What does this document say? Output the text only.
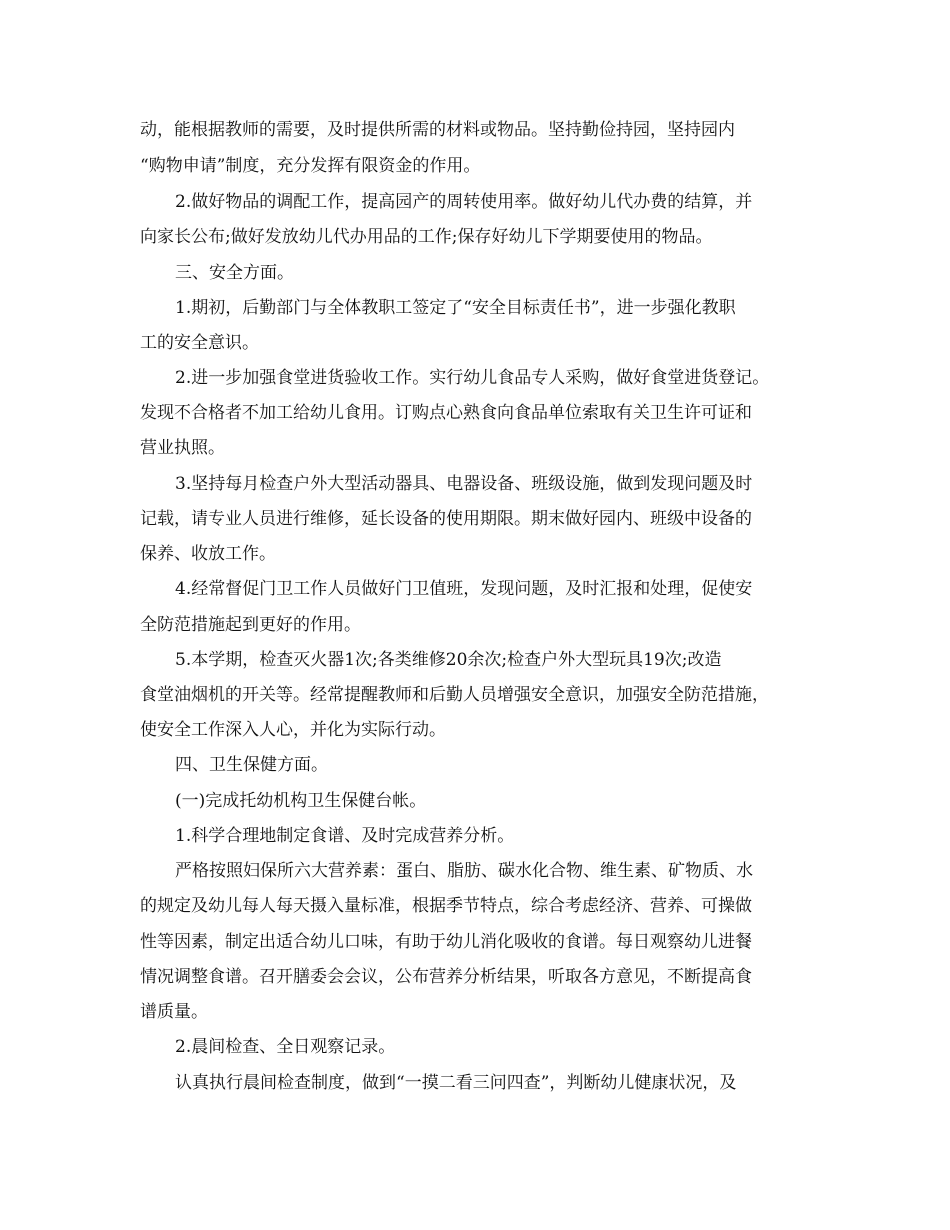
动，能根据教师的需要，及时提供所需的材料或物品。坚持勤俭持园，坚持园内
“购物申请”制度，充分发挥有限资金的作用。
2.做好物品的调配工作，提高园产的周转使用率。做好幼儿代办费的结算，并
向家长公布;做好发放幼儿代办用品的工作;保存好幼儿下学期要使用的物品。
三、安全方面。
1.期初，后勤部门与全体教职工签定了“安全目标责任书”，进一步强化教职
工的安全意识。
2.进一步加强食堂进货验收工作。实行幼儿食品专人采购，做好食堂进货登记。
发现不合格者不加工给幼儿食用。订购点心熟食向食品单位索取有关卫生许可证和
营业执照。
3.坚持每月检查户外大型活动器具、电器设备、班级设施，做到发现问题及时
记载，请专业人员进行维修，延长设备的使用期限。期末做好园内、班级中设备的
保养、收放工作。
4.经常督促门卫工作人员做好门卫值班，发现问题，及时汇报和处理，促使安
全防范措施起到更好的作用。
5.本学期，检查灭火器1次;各类维修20余次;检查户外大型玩具19次;改造
食堂油烟机的开关等。经常提醒教师和后勤人员增强安全意识，加强安全防范措施，
使安全工作深入人心，并化为实际行动。
四、卫生保健方面。
(一)完成托幼机构卫生保健台帐。
1.科学合理地制定食谱、及时完成营养分析。
严格按照妇保所六大营养素：蛋白、脂肪、碳水化合物、维生素、矿物质、水
的规定及幼儿每人每天摄入量标准，根据季节特点，综合考虑经济、营养、可操做
性等因素，制定出适合幼儿口味，有助于幼儿消化吸收的食谱。每日观察幼儿进餐
情况调整食谱。召开膳委会会议，公布营养分析结果，听取各方意见，不断提高食
谱质量。
2.晨间检查、全日观察记录。
认真执行晨间检查制度，做到“一摸二看三问四查”，判断幼儿健康状况，及
